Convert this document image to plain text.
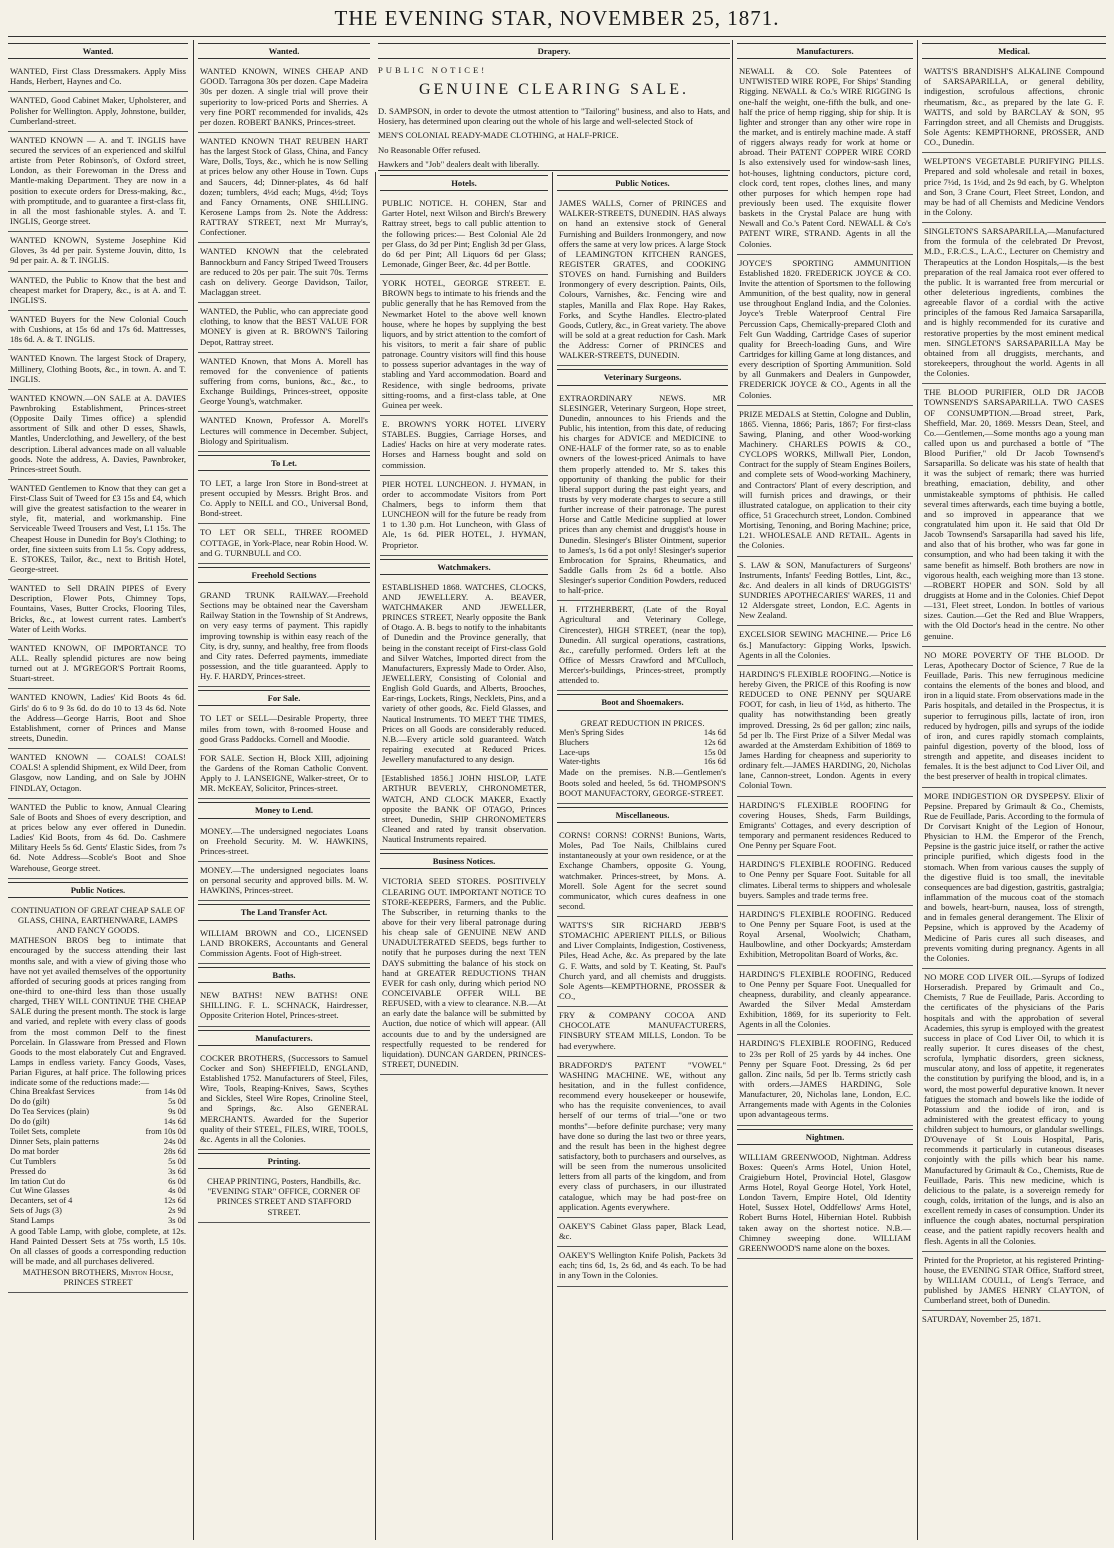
THE EVENING STAR, NOVEMBER 25, 1871.
Wanted.

WANTED, First Class Dressmakers. Apply Miss Hands, Herbert, Haynes and Co.

WANTED, Good Cabinet Maker, Upholsterer, and Polisher for Wellington. Apply, Johnstone, builder, Cumberland-street.

WANTED KNOWN — A. and T. INGLIS have secured the services of an experienced and skilful artiste from Peter Robinson's, of Oxford street, London, as their Forewoman in the Dress and Mantle-making Department. They are now in a position to execute orders for Dress-making, &c., with promptitude, and to guarantee a first-class fit, in all the most fashionable styles. A. and T. INGLIS, George street.

WANTED KNOWN, Systeme Josephine Kid Gloves, 3s 4d per pair. Systeme Jouvin, ditto, 1s 9d per pair. A. & T. INGLIS.

WANTED, the Public to Know that the best and cheapest market for Drapery, &c., is at A. and T. INGLIS'S.

WANTED Buyers for the New Colonial Couch with Cushions, at 15s 6d and 17s 6d. Mattresses, 18s 6d. A. & T. INGLIS.

WANTED Known. The largest Stock of Drapery, Millinery, Clothing Boots, &c., in town. A. and T. INGLIS.

WANTED KNOWN.—ON SALE at A. DAVIES Pawnbroking Establishment, Princes-street (Opposite Daily Times office) a splendid assortment of Silk and other D esses, Shawls, Mantles, Underclothing, and Jewellery, of the best description. Liberal advances made on all valuable goods. Note the address, A. Davies, Pawnbroker, Princes-street South.

WANTED Gentlemen to Know that they can get a First-Class Suit of Tweed for £3 15s and £4, which will give the greatest satisfaction to the wearer in style, fit, material, and workmanship. Fine Serviceable Tweed Trousers and Vest, L1 15s. The Cheapest House in Dunedin for Boy's Clothing; to order, fine sixteen suits from L1 5s. Copy address, E. STOKES, Tailor, &c., next to British Hotel, George-street.

WANTED to Sell DRAIN PIPES of Every Description, Flower Pots, Chimney Tops, Fountains, Vases, Butter Crocks, Flooring Tiles, Bricks, &c., at lowest current rates. Lambert's Water of Leith Works.

WANTED KNOWN, OF IMPORTANCE TO ALL. Really splendid pictures are now being turned out at J. M'GREGOR'S Portrait Rooms, Stuart-street.

WANTED KNOWN, Ladies' Kid Boots 4s 6d. Girls' do 6 to 9 3s 6d. do do 10 to 13 4s 6d. Note the Address—George Harris, Boot and Shoe Establishment, corner of Princes and Manse streets, Dunedin.

WANTED KNOWN — COALS! COALS! COALS! A splendid Shipment, ex Wild Deer, from Glasgow, now Landing, and on Sale by JOHN FINDLAY, Octagon.

WANTED the Public to know, Annual Clearing Sale of Boots and Shoes of every description, and at prices below any ever offered in Dunedin. Ladies' Kid Boots, from 4s 6d. Do. Cashmere Military Heels 5s 6d. Gents' Elastic Sides, from 7s 6d. Note Address—Scoble's Boot and Shoe Warehouse, George street.

Public Notices.

CONTINUATION OF GREAT CHEAP SALE OF GLASS, CHINA, EARTHENWARE, LAMPS AND FANCY GOODS.

MATHESON BROS beg to intimate that encouraged by the success attending their last months sale, and with a view of giving those who have not yet availed themselves of the opportunity afforded of securing goods at prices ranging from one-third to one-third less than those usually charged, THEY WILL CONTINUE THE CHEAP SALE during the present month. The stock is large and varied, and replete with every class of goods from the most common Delf to the finest Porcelain. In Glassware from Pressed and Flown Goods to the most elaborately Cut and Engraved. Lamps in endless variety. Fancy Goods, Vases, Parian Figures, at half price. The following prices indicate some of the reductions made:—

China Breakfast Services	from 14s 0d
Do do (gilt)	5s 0d
Do Tea Services (plain)	9s 0d
Do do (gilt)	14s 6d
Toilet Sets, complete	from 10s 0d
Dinner Sets, plain patterns	24s 0d
Do mat border	28s 6d
Cut Tumblers	5s 0d
Pressed do	3s 6d
Im tation Cut do	6s 0d
Cut Wine Glasses	4s 0d
Decanters, set of 4	12s 6d
Sets of Jugs (3)	2s 9d
Stand Lamps	3s 0d

A good Table Lamp, with globe, complete, at 12s. Hand Painted Dessert Sets at 75s worth, L5 10s. On all classes of goods a corresponding reduction will be made, and all purchases delivered.

MATHESON BROTHERS, Minton House, PRINCES STREET

Wanted.

WANTED KNOWN, WINES CHEAP AND GOOD. Tarragona 30s per dozen. Cape Madeira 30s per dozen. A single trial will prove their superiority to low-priced Ports and Sherries. A very fine PORT recommended for invalids, 42s per dozen. ROBERT BANKS, Princes-street.

WANTED KNOWN THAT REUBEN HART has the largest Stock of Glass, China, and Fancy Ware, Dolls, Toys, &c., which he is now Selling at prices below any other House in Town. Cups and Saucers, 4d; Dinner-plates, 4s 6d half dozen; tumblers, 4½d each; Mugs, 4½d; Toys and Fancy Ornaments, ONE SHILLING. Kerosene Lamps from 2s. Note the Address: RATTRAY STREET, next Mr Murray's, Confectioner.

WANTED KNOWN that the celebrated Bannockburn and Fancy Striped Tweed Trousers are reduced to 20s per pair. The suit 70s. Terms cash on delivery. George Davidson, Tailor, Maclaggan street.

WANTED, the Public, who can appreciate good clothing, to know that the BEST VALUE FOR MONEY is given at R. BROWN'S Tailoring Depot, Rattray street.

WANTED Known, that Mons A. Morell has removed for the convenience of patients suffering from corns, bunions, &c., &c., to Exchange Buildings, Princes-street, opposite George Young's, watchmaker.

WANTED Known, Professor A. Morell's Lectures will commence in December. Subject, Biology and Spiritualism.

To Let.

TO LET, a large Iron Store in Bond-street at present occupied by Messrs. Bright Bros. and Co. Apply to NEILL and CO., Universal Bond, Bond-street.

TO LET OR SELL, THREE ROOMED COTTAGE, in York-Place, near Robin Hood. W. and G. TURNBULL and CO.

Freehold Sections

GRAND TRUNK RAILWAY.—Freehold Sections may be obtained near the Caversham Railway Station in the Township of St Andrews, on very easy terms of payment. This rapidly improving township is within easy reach of the City, is dry, sunny, and healthy, free from floods and City rates. Deferred payments, immediate possession, and the title guaranteed. Apply to Hy. F. HARDY, Princes-street.

For Sale.

TO LET or SELL—Desirable Property, three miles from town, with 8-roomed House and good Grass Paddocks. Cornell and Moodie.

FOR SALE. Section H, Block XIII, adjoining the Gardens of the Roman Catholic Convent. Apply to J. LANSEIGNE, Walker-street, Or to MR. McKEAY, Solicitor, Princes-street.

Money to Lend.

MONEY.—The undersigned negociates Loans on Freehold Security. M. W. HAWKINS, Princes-street.

MONEY.—The undersigned negociates loans on personal security and approved bills. M. W. HAWKINS, Princes-street.

The Land Transfer Act.

WILLIAM BROWN and CO., LICENSED LAND BROKERS, Accountants and General Commission Agents. Foot of High-street.

Baths.

NEW BATHS! NEW BATHS! ONE SHILLING. F. L. SCHNACK, Hairdresser, Opposite Criterion Hotel, Princes-street.

Manufacturers.

COCKER BROTHERS, (Successors to Samuel Cocker and Son) SHEFFIELD, ENGLAND, Established 1752. Manufacturers of Steel, Files, Wire, Tools, Reaping-Knives, Saws, Scythes and Sickles, Steel Wire Ropes, Crinoline Steel, and Springs, &c. Also GENERAL MERCHANTS. Awarded for the Superior quality of their STEEL, FILES, WIRE, TOOLS, &c. Agents in all the Colonies.

Printing.

CHEAP PRINTING, Posters, Handbills, &c. "EVENING STAR" OFFICE, CORNER OF PRINCES STREET AND STAFFORD STREET.

Drapery.

PUBLIC NOTICE!

GENUINE CLEARING SALE.

D. SAMPSON, in order to devote the utmost attention to "Tailoring" business, and also to Hats, and Hosiery, has determined upon clearing out the whole of his large and well-selected Stock of

MEN'S COLONIAL READY-MADE CLOTHING, at HALF-PRICE.

No Reasonable Offer refused.

Hawkers and "Job" dealers dealt with liberally.

Hotels.

PUBLIC NOTICE. H. COHEN, Star and Garter Hotel, next Wilson and Birch's Brewery Rattray street, begs to call public attention to the following prices:— Best Colonial Ale 2d per Glass, do 3d per Pint; English 3d per Glass, do 6d per Pint; All Liquors 6d per Glass; Lemonade, Ginger Beer, &c. 4d per Bottle.

YORK HOTEL, GEORGE STREET. E. BROWN begs to intimate to his friends and the public generally that he has Removed from the Newmarket Hotel to the above well known house, where he hopes by supplying the best liquors, and by strict attention to the comfort of his visitors, to merit a fair share of public patronage. Country visitors will find this house to possess superior advantages in the way of stabling and Yard accommodation. Board and Residence, with single bedrooms, private sitting-rooms, and a first-class table, at One Guinea per week.

E. BROWN'S YORK HOTEL LIVERY STABLES. Buggies, Carriage Horses, and Ladies' Hacks on hire at very moderate rates. Horses and Harness bought and sold on commission.

PIER HOTEL LUNCHEON. J. HYMAN, in order to accommodate Visitors from Port Chalmers, begs to inform them that LUNCHEON will for the future be ready from 1 to 1.30 p.m. Hot Luncheon, with Glass of Ale, 1s 6d. PIER HOTEL, J. HYMAN, Proprietor.

Watchmakers.

ESTABLISHED 1868. WATCHES, CLOCKS, AND JEWELLERY. A. BEAVER, WATCHMAKER AND JEWELLER, PRINCES STREET, Nearly opposite the Bank of Otago. A. B. begs to notify to the inhabitants of Dunedin and the Province generally, that being in the constant receipt of First-class Gold and Silver Watches, Imported direct from the Manufacturers, Expressly Made to Order. Also, JEWELLERY, Consisting of Colonial and English Gold Guards, and Alberts, Brooches, Ear-rings, Lockets, Rings, Necklets, Pins, and a variety of other goods, &c. Field Glasses, and Nautical Instruments. TO MEET THE TIMES, Prices on all Goods are considerably reduced. N.B.—Every article sold guaranteed. Watch repairing executed at Reduced Prices. Jewellery manufactured to any design.

[Established 1856.] JOHN HISLOP, LATE ARTHUR BEVERLY, CHRONOMETER, WATCH, AND CLOCK MAKER, Exactly opposite the BANK OF OTAGO, Princes street, Dunedin, SHIP CHRONOMETERS Cleaned and rated by transit observation. Nautical Instruments repaired.

Business Notices.

VICTORIA SEED STORES. POSITIVELY CLEARING OUT. IMPORTANT NOTICE TO STORE-KEEPERS, Farmers, and the Public. The Subscriber, in returning thanks to the above for their very liberal patronage during his cheap sale of GENUINE NEW AND UNADULTERATED SEEDS, begs further to notify that he purposes during the next TEN DAYS submitting the balance of his stock on hand at GREATER REDUCTIONS THAN EVER for cash only, during which period NO CONCEIVABLE OFFER WILL BE REFUSED, with a view to clearance. N.B.—At an early date the balance will be submitted by Auction, due notice of which will appear. (All accounts due to and by the undersigned are respectfully requested to be rendered for liquidation). DUNCAN GARDEN, PRINCES-STREET, DUNEDIN.

Public Notices.

JAMES WALLS, Corner of PRINCES and WALKER-STREETS, DUNEDIN. HAS always on hand an extensive stock of General Furnishing and Builders Ironmongery, and now offers the same at very low prices. A large Stock of LEAMINGTON KITCHEN RANGES, REGISTER GRATES, and COOKING STOVES on hand. Furnishing and Builders Ironmongery of every description. Paints, Oils, Colours, Varnishes, &c. Fencing wire and staples, Manilla and Flax Rope. Hay Rakes, Forks, and Scythe Handles. Electro-plated Goods, Cutlery, &c., in Great variety. The above will be sold at a great reduction for Cash. Mark the Address: Corner of PRINCES and WALKER-STREETS, DUNEDIN.

Veterinary Surgeons.

EXTRAORDINARY NEWS. MR SLESINGER, Veterinary Surgeon, Hope street, Dunedin, announces to his Friends and the Public, his intention, from this date, of reducing his charges for ADVICE and MEDICINE to ONE-HALF of the former rate, so as to enable owners of the lowest-priced Animals to have them properly attended to. Mr S. takes this opportunity of thanking the public for their liberal support during the past eight years, and trusts by very moderate charges to secure a still further increase of their patronage. The purest Horse and Cattle Medicine supplied at lower prices than any chemist and druggist's house in Dunedin. Slesinger's Blister Ointment, superior to James's, 1s 6d a pot only! Slesinger's superior Embrocation for Sprains, Rheumatics, and Saddle Galls from 2s 6d a bottle. Also Slesinger's superior Condition Powders, reduced to half-price.

H. FITZHERBERT, (Late of the Royal Agricultural and Veterinary College, Cirencester), HIGH STREET, (near the top), Dunedin. All surgical operations, castrations, &c., carefully performed. Orders left at the Office of Messrs Crawford and M'Culloch, Mercer's-buildings, Princes-street, promptly attended to.

Boot and Shoemakers.

GREAT REDUCTION IN PRICES.

Men's Spring Sides	14s 6d
Bluchers	12s 6d
Lace-ups	15s 0d
Water-tights	16s 6d

Made on the premises. N.B.—Gentlemen's Boots soled and heeled, 5s 6d. THOMPSON'S BOOT MANUFACTORY, GEORGE-STREET.

Miscellaneous.

CORNS! CORNS! CORNS! Bunions, Warts, Moles, Pad Toe Nails, Chilblains cured instantaneously at your own residence, or at the Exchange Chambers, opposite G. Young, watchmaker. Princes-street, by Mons. A. Morell. Sole Agent for the secret sound communicator, which cures deafness in one second.

WATTS'S SIR RICHARD JEBB'S STOMACHIC APERIENT PILLS, or Bilious and Liver Complaints, Indigestion, Costiveness, Piles, Head Ache, &c. As prepared by the late G. F. Watts, and sold by T. Keating, St. Paul's Church yard, and all chemists and druggists. Sole Agents—KEMPTHORNE, PROSSER & CO.,

FRY & COMPANY COCOA AND CHOCOLATE MANUFACTURERS, FINSBURY STEAM MILLS, London. To be had everywhere.

BRADFORD'S PATENT "VOWEL" WASHING MACHINE. WE, without any hesitation, and in the fullest confidence, recommend every housekeeper or housewife, who has the requisite conveniences, to avail herself of our terms of trial—"one or two months"—before definite purchase; very many have done so during the last two or three years, and the result has been in the highest degree satisfactory, both to purchasers and ourselves, as will be seen from the numerous unsolicited letters from all parts of the kingdom, and from every class of purchasers, in our illustrated catalogue, which may be had post-free on application. Agents everywhere.

OAKEY'S Cabinet Glass paper, Black Lead, &c.

OAKEY'S Wellington Knife Polish, Packets 3d each; tins 6d, 1s, 2s 6d, and 4s each. To be had in any Town in the Colonies.

Manufacturers.

NEWALL & CO. Sole Patentees of UNTWISTED WIRE ROPE, For Ships' Standing Rigging. NEWALL & Co.'s WIRE RIGGING Is one-half the weight, one-fifth the bulk, and one-half the price of hemp rigging, ship for ship. It is lighter and stronger than any other wire rope in the market, and is entirely machine made. A staff of riggers always ready for work at home or abroad. Their PATENT COPPER WIRE CORD Is also extensively used for window-sash lines, hot-houses, lightning conductors, picture cord, clock cord, tent ropes, clothes lines, and many other purposes for which hempen rope had previously been used. The exquisite flower baskets in the Crystal Palace are hung with Newall and Co.'s Patent Cord. NEWALL & Co's PATENT WIRE, STRAND. Agents in all the Colonies.

JOYCE'S SPORTING AMMUNITION Established 1820. FREDERICK JOYCE & CO. Invite the attention of Sportsmen to the following Ammunition, of the best quality, now in general use throughout England India, and the Colonies. Joyce's Treble Waterproof Central Fire Percussion Caps, Chemically-prepared Cloth and Felt Gun Wadding, Cartridge Cases of superior quality for Breech-loading Guns, and Wire Cartridges for killing Game at long distances, and every description of Sporting Ammunition. Sold by all Gunmakers and Dealers in Gunpowder, FREDERICK JOYCE & CO., Agents in all the Colonies.

PRIZE MEDALS at Stettin, Cologne and Dublin, 1865. Vienna, 1866; Paris, 1867; For first-class Sawing, Planing, and other Wood-working Machinery. CHARLES POWIS & CO., CYCLOPS WORKS, Millwall Pier, London, Contract for the supply of Steam Engines Boilers, and complete sets of Wood-working Machinery, and Contractors' Plant of every description, and will furnish prices and drawings, or their illustrated catalogue, on application to their city office, 51 Gracechurch street, London. Combined Mortising, Tenoning, and Boring Machine; price, L21. WHOLESALE AND RETAIL. Agents in the Colonies.

S. LAW & SON, Manufacturers of Surgeons' Instruments, Infants' Feeding Bottles, Lint, &c., &c. And dealers in all kinds of DRUGGISTS' SUNDRIES APOTHECARIES' WARES, 11 and 12 Aldersgate street, London, E.C. Agents in New Zealand.

EXCELSIOR SEWING MACHINE.— Price L6 6s.] Manufactory: Gipping Works, Ipswich. Agents in all the Colonies.

HARDING'S FLEXIBLE ROOFING.—Notice is hereby Given, the PRICE of this Roofing is now REDUCED to ONE PENNY per SQUARE FOOT, for cash, in lieu of 1½d, as hitherto. The quality has notwithstanding been greatly improved. Dressing, 2s 6d per gallon; zinc nails, 5d per lb. The First Prize of a Silver Medal was awarded at the Amsterdam Exhibition of 1869 to James Harding for cheapness and superiority to ordinary felt.—JAMES HARDING, 20, Nicholas lane, Cannon-street, London. Agents in every Colonial Town.

HARDING'S FLEXIBLE ROOFING for covering Houses, Sheds, Farm Buildings, Emigrants' Cottages, and every description of temporary and permanent residences Reduced to One Penny per Square Foot.

HARDING'S FLEXIBLE ROOFING. Reduced to One Penny per Square Foot. Suitable for all climates. Liberal terms to shippers and wholesale buyers. Samples and trade terms free.

HARDING'S FLEXIBLE ROOFING. Reduced to One Penny per Square Foot, is used at the Royal Arsenal, Woolwich; Chatham, Haulbowline, and other Dockyards; Amsterdam Exhibition, Metropolitan Board of Works, &c.

HARDING'S FLEXIBLE ROOFING, Reduced to One Penny per Square Foot. Unequalled for cheapness, durability, and cleanly appearance. Awarded the Silver Medal Amsterdam Exhibition, 1869, for its superiority to Felt. Agents in all the Colonies.

HARDING'S FLEXIBLE ROOFING, Reduced to 23s per Roll of 25 yards by 44 inches. One Penny per Square Foot. Dressing, 2s 6d per gallon. Zinc nails, 5d per lb. Terms strictly cash with orders.—JAMES HARDING, Sole Manufacturer, 20, Nicholas lane, London, E.C. Arrangements made with Agents in the Colonies upon advantageous terms.

Nightmen.

WILLIAM GREENWOOD, Nightman. Address Boxes: Queen's Arms Hotel, Union Hotel, Craigieburn Hotel, Provincial Hotel, Glasgow Arms Hotel, Royal George Hotel, York Hotel, London Tavern, Empire Hotel, Old Identity Hotel, Sussex Hotel, Oddfellows' Arms Hotel, Robert Burns Hotel, Hibernian Hotel. Rubbish taken away on the shortest notice. N.B.—Chimney sweeping done. WILLIAM GREENWOOD'S name alone on the boxes.

Medical.

WATTS'S BRANDISH'S ALKALINE Compound of SARSAPARILLA, or general debility, indigestion, scrofulous affections, chronic rheumatism, &c., as prepared by the late G. F. WATTS, and sold by BARCLAY & SON, 95 Farringdon street, and all Chemists and Druggists. Sole Agents: KEMPTHORNE, PROSSER, AND CO., Dunedin.

WELPTON'S VEGETABLE PURIFYING PILLS. Prepared and sold wholesale and retail in boxes, price 7½d, 1s 1½d, and 2s 9d each, by G. Whelpton and Son, 3 Crane Court, Fleet Street, London, and may be had of all Chemists and Medicine Vendors in the Colony.

SINGLETON'S SARSAPARILLA,—Manufactured from the formula of the celebrated Dr Prevost, M.D., F.R.C.S., L.A.C., Lecturer on Chemistry and Therapeutics at the London Hospitals,—is the best preparation of the real Jamaica root ever offered to the public. It is warranted free from mercurial or other deleterious ingredients, combines the agreeable flavor of a cordial with the active principles of the famous Red Jamaica Sarsaparilla, and is highly recommended for its curative and restorative properties by the most eminent medical men. SINGLETON'S SARSAPARILLA May be obtained from all druggists, merchants, and storekeepers, throughout the world. Agents in all the Colonies.

THE BLOOD PURIFIER, OLD DR JACOB TOWNSEND'S SARSAPARILLA. TWO CASES OF CONSUMPTION.—Broad street, Park, Sheffield, Mar. 20, 1869. Messrs Dean, Steel, and Co.—Gentlemen,—Some months ago a young man called upon us and purchased a bottle of "The Blood Purifier," old Dr Jacob Townsend's Sarsaparilla. So delicate was his state of health that it was the subject of remark; there was hurried breathing, emaciation, debility, and other unmistakeable symptoms of phthisis. He called several times afterwards, each time buying a bottle, and so improved in appearance that we congratulated him upon it. He said that Old Dr Jacob Townsend's Sarsaparilla had saved his life, and also that of his brother, who was far gone in consumption, and who had been taking it with the same benefit as himself. Both brothers are now in vigorous health, each weighing more than 13 stone.—ROBERT HOPER and SON. Sold by all druggists at Home and in the Colonies. Chief Depot—131, Fleet street, London. In bottles of various sizes. Caution.—Get the Red and Blue Wrappers, with the Old Doctor's head in the centre. No other genuine.

NO MORE POVERTY OF THE BLOOD. Dr Leras, Apothecary Doctor of Science, 7 Rue de la Feuillade, Paris. This new ferruginous medicine contains the elements of the bones and blood, and iron in a liquid state. From observations made in the Paris hospitals, and detailed in the Prospectus, it is superior to ferruginous pills, lactate of iron, iron reduced by hydrogen, pills and syrups of the iodide of iron, and cures rapidly stomach complaints, painful digestion, poverty of the blood, loss of strength and appetite, and diseases incident to females. It is the best adjunct to Cod Liver Oil, and the best preserver of health in tropical climates.

MORE INDIGESTION OR DYSPEPSY. Elixir of Pepsine. Prepared by Grimault & Co., Chemists, Rue de Feuillade, Paris. According to the formula of Dr Corvisart Knight of the Legion of Honour, Physician to H.M. the Emperor of the French, Pepsine is the gastric juice itself, or rather the active principle purified, which digests food in the stomach. When from various causes the supply of the digestive fluid is too small, the inevitable consequences are bad digestion, gastritis, gastralgia; inflammation of the mucous coat of the stomach and bowels, heart-burn, nausea, loss of strength, and in females general derangement. The Elixir of Pepsine, which is approved by the Academy of Medicine of Paris cures all such diseases, and prevents vomiting during pregnancy. Agents in all the Colonies.

NO MORE COD LIVER OIL.—Syrups of Iodized Horseradish. Prepared by Grimault and Co., Chemists, 7 Rue de Feuillade, Paris. According to the certificates of the physicians of the Paris hospitals and with the approbation of several Academies, this syrup is employed with the greatest success in place of Cod Liver Oil, to which it is really superior. It cures diseases of the chest, scrofula, lymphatic disorders, green sickness, muscular atony, and loss of appetite, it regenerates the constitution by purifying the blood, and is, in a word, the most powerful depurative known. It never fatigues the stomach and bowels like the iodide of Potassium and the iodide of iron, and is administered with the greatest efficacy to young children subject to humours, or glandular swellings. D'Ouvenaye of St Louis Hospital, Paris, recommends it particularly in cutaneous diseases conjointly with the pills which bear his name. Manufactured by Grimault & Co., Chemists, Rue de Feuillade, Paris. This new medicine, which is delicious to the palate, is a sovereign remedy for cough, colds, irritation of the lungs, and is also an excellent remedy in cases of consumption. Under its influence the cough abates, nocturnal perspiration cease, and the patient rapidly recovers health and flesh. Agents in all the Colonies.

Printed for the Proprietor, at his registered Printing-house, the EVENING STAR Office, Stafford street, by WILLIAM COULL, of Leng's Terrace, and published by JAMES HENRY CLAYTON, of Cumberland street, both of Dunedin.

SATURDAY, November 25, 1871.
